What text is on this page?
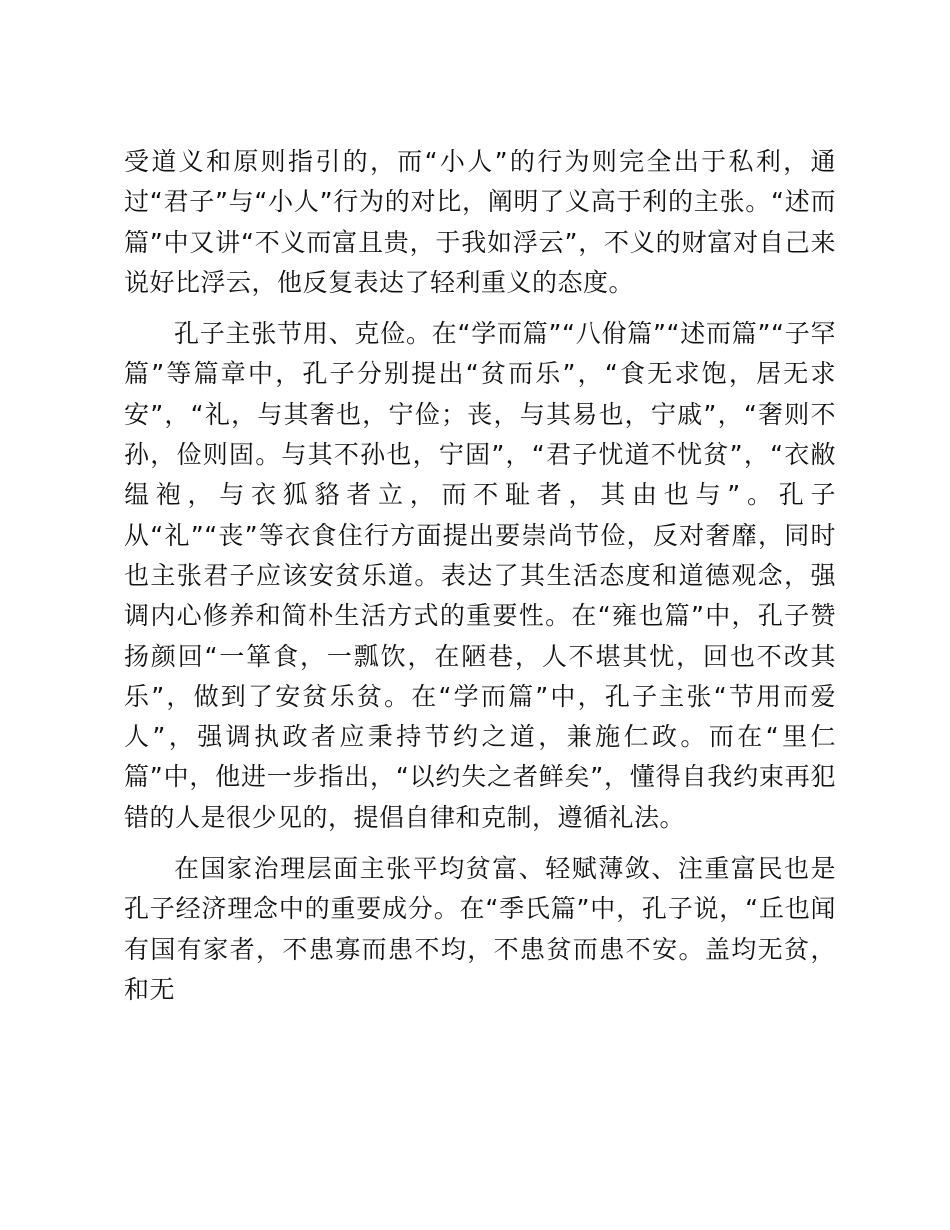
受道义和原则指引的，而“小人”的行为则完全出于私利，通过“君子”与“小人”行为的对比，阐明了义高于利的主张。“述而篇”中又讲“不义而富且贵，于我如浮云”，不义的财富对自己来说好比浮云，他反复表达了轻利重义的态度。

孔子主张节用、克俭。在“学而篇”“八佾篇”“述而篇”“子罕篇”等篇章中，孔子分别提出“贫而乐”，“食无求饱，居无求安”，“礼，与其奢也，宁俭；丧，与其易也，宁戚”，“奢则不孙，俭则固。与其不孙也，宁固”，“君子忧道不忧贫”，“衣敝缊袍，与衣狐貉者立，而不耻者，其由也与”。孔子从“礼”“丧”等衣食住行方面提出要崇尚节俭，反对奢靡，同时也主张君子应该安贫乐道。表达了其生活态度和道德观念，强调内心修养和简朴生活方式的重要性。在“雍也篇”中，孔子赞扬颜回“一箪食，一瓢饮，在陋巷，人不堪其忧，回也不改其乐”，做到了安贫乐贫。在“学而篇”中，孔子主张“节用而爱人”，强调执政者应秉持节约之道，兼施仁政。而在“里仁篇”中，他进一步指出，“以约失之者鲜矣”，懂得自我约束再犯错的人是很少见的，提倡自律和克制，遵循礼法。

在国家治理层面主张平均贫富、轻赋薄敛、注重富民也是孔子经济理念中的重要成分。在“季氏篇”中，孔子说，“丘也闻有国有家者，不患寡而患不均，不患贫而患不安。盖均无贫，和无
